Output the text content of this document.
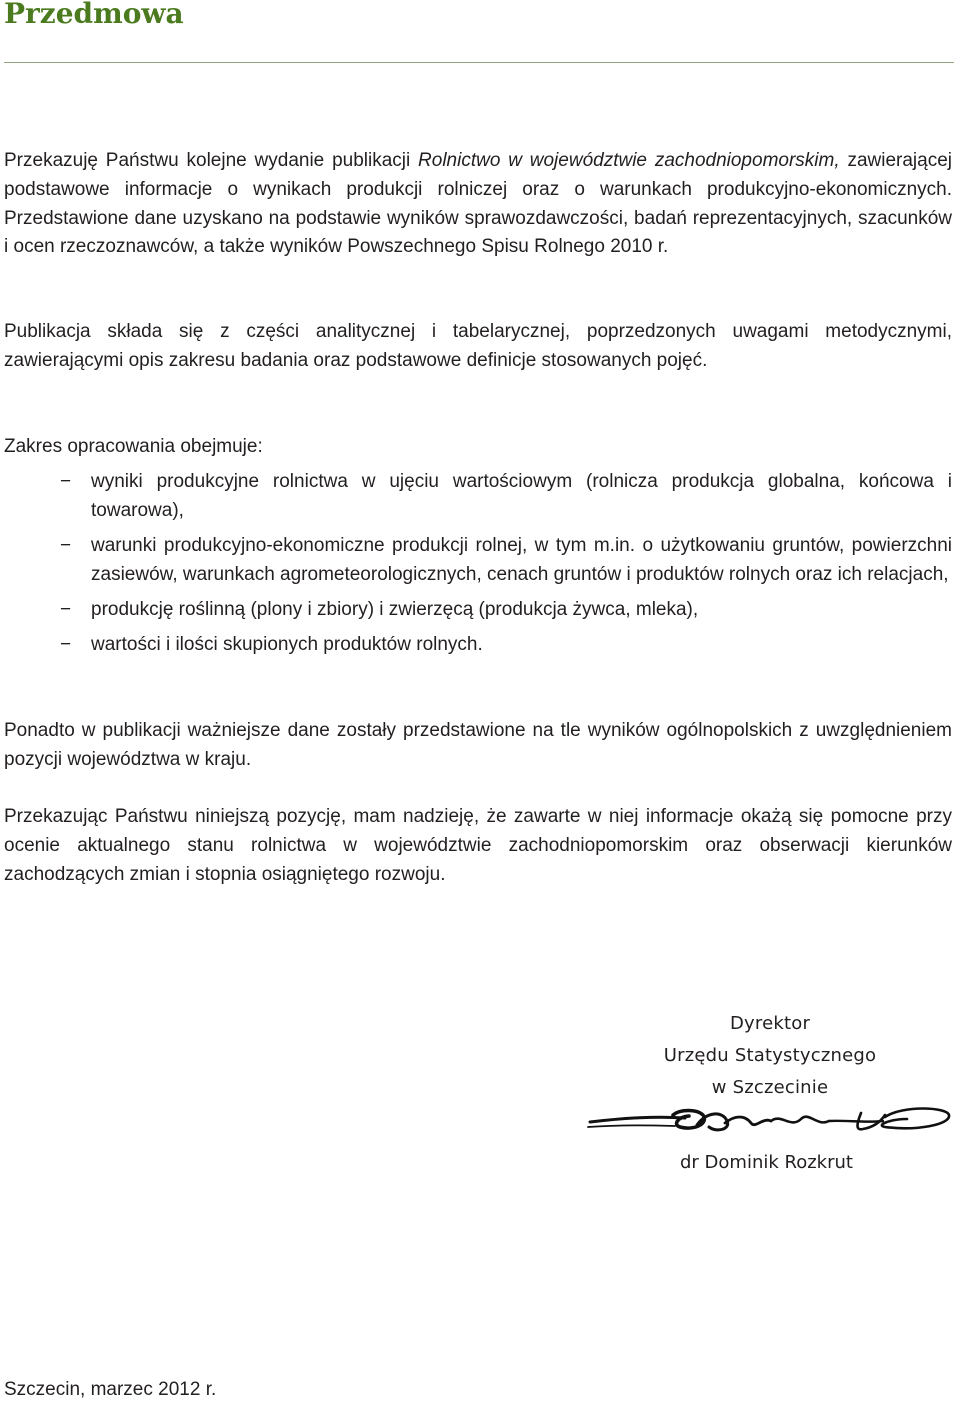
Przedmowa

Przekazuję Państwu kolejne wydanie publikacji Rolnictwo w województwie zachodniopomorskim, zawierającej podstawowe informacje o wynikach produkcji rolniczej oraz o warunkach produkcyjno-ekonomicznych. Przedstawione dane uzyskano na podstawie wyników sprawozdawczości, badań reprezentacyjnych, szacunków i ocen rzeczoznawców, a także wyników Powszechnego Spisu Rolnego 2010 r.

Publikacja składa się z części analitycznej i tabelarycznej, poprzedzonych uwagami metodycznymi, zawierającymi opis zakresu badania oraz podstawowe definicje stosowanych pojęć.

Zakres opracowania obejmuje:

− wyniki produkcyjne rolnictwa w ujęciu wartościowym (rolnicza produkcja globalna, końcowa i towarowa),
− warunki produkcyjno-ekonomiczne produkcji rolnej, w tym m.in. o użytkowaniu gruntów, powierzchni zasiewów, warunkach agrometeorologicznych, cenach gruntów i produktów rolnych oraz ich relacjach,
− produkcję roślinną (plony i zbiory) i zwierzęcą (produkcja żywca, mleka),
− wartości i ilości skupionych produktów rolnych.

Ponadto w publikacji ważniejsze dane zostały przedstawione na tle wyników ogólnopolskich z uwzględnieniem pozycji województwa w kraju.

Przekazując Państwu niniejszą pozycję, mam nadzieję, że zawarte w niej informacje okażą się pomocne przy ocenie aktualnego stanu rolnictwa w województwie zachodniopomorskim oraz obserwacji kierunków zachodzących zmian i stopnia osiągniętego rozwoju.

Dyrektor
Urzędu Statystycznego
w Szczecinie
dr Dominik Rozkrut
Szczecin, marzec 2012 r.
